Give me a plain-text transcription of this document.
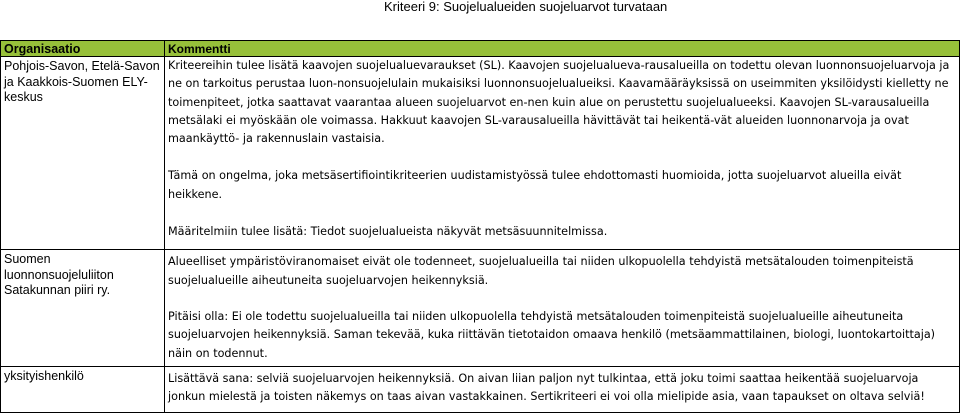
Kriteeri 9: Suojelualueiden suojeluarvot turvataan
Organisaatio	Kommentti
Pohjois-Savon, Etelä-Savon ja Kaakkois-Suomen ELY-keskus	Kriteereihin tulee lisätä kaavojen suojelualuevaraukset (SL). Kaavojen suojelualueva-rausalueilla on todettu olevan luonnonsuojeluarvoja ja ne on tarkoitus perustaa luon-nonsuojelulain mukaisiksi luonnonsuojelualueiksi. Kaavamääräyksissä on useimmiten yksilöidysti kielletty ne toimenpiteet, jotka saattavat vaarantaa alueen suojeluarvot en-nen kuin alue on perustettu suojelualueeksi. Kaavojen SL-varausalueilla metsälaki ei myöskään ole voimassa. Hakkuut kaavojen SL-varausalueilla hävittävät tai heikentä-vät alueiden luonnonarvoja ja ovat maankäyttö- ja rakennuslain vastaisia.

Tämä on ongelma, joka metsäsertifiointikriteerien uudistamistyössä tulee ehdottomasti huomioida, jotta suojeluarvot alueilla eivät heikkene.

Määritelmiin tulee lisätä: Tiedot suojelualueista näkyvät metsäsuunnitelmissa.

Suomen luonnonsuojeluliiton Satakunnan piiri ry.	Alueelliset ympäristöviranomaiset eivät ole todenneet, suojelualueilla tai niiden ulkopuolella tehdyistä metsätalouden toimenpiteistä suojelualueille aiheutuneita suojeluarvojen heikennyksiä.

Pitäisi olla: Ei ole todettu suojelualueilla tai niiden ulkopuolella tehdyistä metsätalouden toimenpiteistä suojelualueille aiheutuneita suojeluarvojen heikennyksiä. Saman tekevää, kuka riittävän tietotaidon omaava henkilö (metsäammattilainen, biologi, luontokartoittaja) näin on todennut.

yksityishenkilö	Lisättävä sana: selviä suojeluarvojen heikennyksiä. On aivan liian paljon nyt tulkintaa, että joku toimi saattaa heikentää suojeluarvoja jonkun mielestä ja toisten näkemys on taas aivan vastakkainen. Sertikriteeri ei voi olla mielipide asia, vaan tapaukset on oltava selviä!
